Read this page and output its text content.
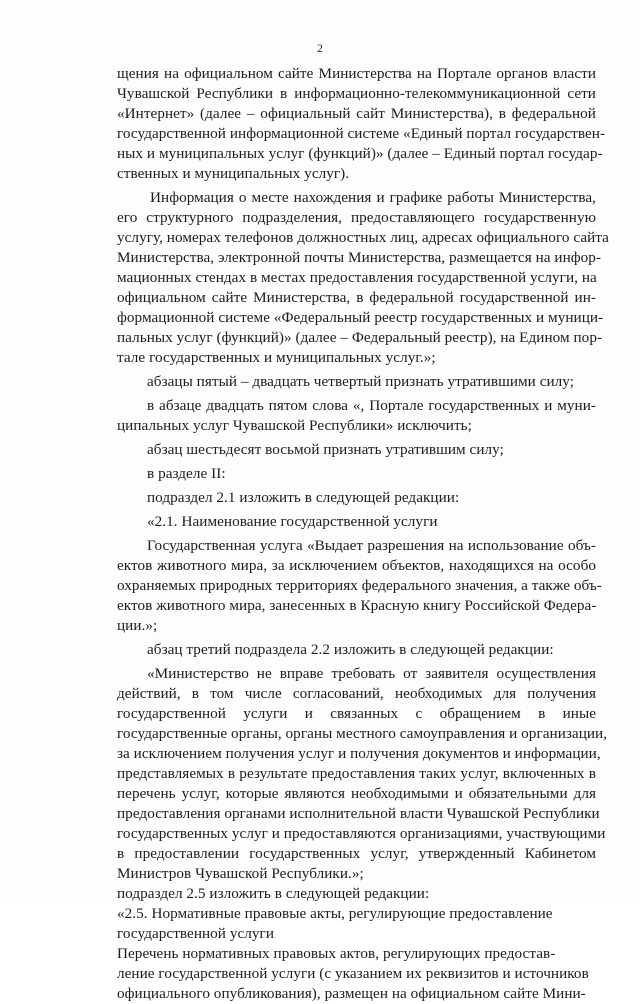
2
щения на официальном сайте Министерства на Портале органов власти
Чувашской Республики в информационно-телекоммуникационной сети
«Интернет» (далее – официальный сайт Министерства), в федеральной
государственной информационной системе «Единый портал государствен-
ных и муниципальных услуг (функций)» (далее – Единый портал государ-
ственных и муниципальных услуг).
Информация о месте нахождения и графике работы Министерства,
его структурного подразделения, предоставляющего государственную
услугу, номерах телефонов должностных лиц, адресах официального сайта
Министерства, электронной почты Министерства, размещается на инфор-
мационных стендах в местах предоставления государственной услуги, на
официальном сайте Министерства, в федеральной государственной ин-
формационной системе «Федеральный реестр государственных и муници-
пальных услуг (функций)» (далее – Федеральный реестр), на Едином пор-
тале государственных и муниципальных услуг.»;
абзацы пятый – двадцать четвертый признать утратившими силу;
в абзаце двадцать пятом слова «, Портале государственных и муни-
ципальных услуг Чувашской Республики» исключить;
абзац шестьдесят восьмой признать утратившим силу;
в разделе II:
подраздел 2.1 изложить в следующей редакции:
«2.1. Наименование государственной услуги
Государственная услуга «Выдает разрешения на использование объ-
ектов животного мира, за исключением объектов, находящихся на особо
охраняемых природных территориях федерального значения, а также объ-
ектов животного мира, занесенных в Красную книгу Российской Федера-
ции.»;
абзац третий подраздела 2.2 изложить в следующей редакции:
«Министерство не вправе требовать от заявителя осуществления
действий, в том числе согласований, необходимых для получения
государственной услуги и связанных с обращением в иные
государственные органы, органы местного самоуправления и организации,
за исключением получения услуг и получения документов и информации,
представляемых в результате предоставления таких услуг, включенных в
перечень услуг, которые являются необходимыми и обязательными для
предоставления органами исполнительной власти Чувашской Республики
государственных услуг и предоставляются организациями, участвующими
в предоставлении государственных услуг, утвержденный Кабинетом
Министров Чувашской Республики.»;
подраздел 2.5 изложить в следующей редакции:
«2.5. Нормативные правовые акты, регулирующие предоставление
государственной услуги
Перечень нормативных правовых актов, регулирующих предостав-
ление государственной услуги (с указанием их реквизитов и источников
официального опубликования), размещен на официальном сайте Мини-
